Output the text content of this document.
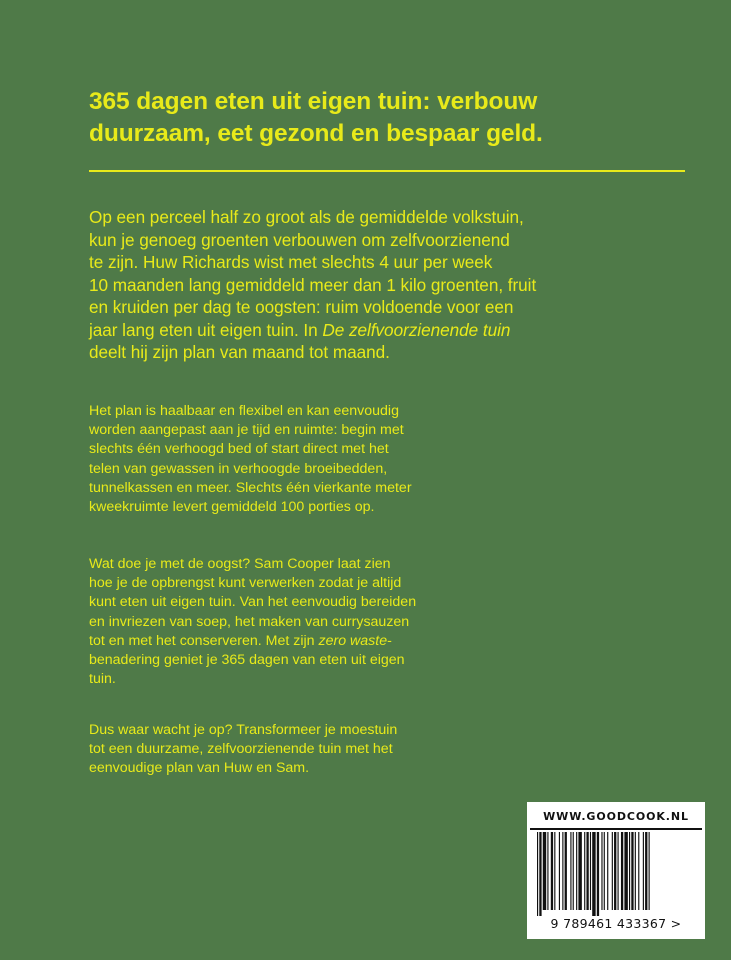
365 dagen eten uit eigen tuin: verbouw
duurzaam, eet gezond en bespaar geld.
Op een perceel half zo groot als de gemiddelde volkstuin,
kun je genoeg groenten verbouwen om zelfvoorzienend
te zijn. Huw Richards wist met slechts 4 uur per week
10 maanden lang gemiddeld meer dan 1 kilo groenten, fruit
en kruiden per dag te oogsten: ruim voldoende voor een
jaar lang eten uit eigen tuin. In De zelfvoorzienende tuin
deelt hij zijn plan van maand tot maand.
Het plan is haalbaar en flexibel en kan eenvoudig
worden aangepast aan je tijd en ruimte: begin met
slechts één verhoogd bed of start direct met het
telen van gewassen in verhoogde broeibedden,
tunnelkassen en meer. Slechts één vierkante meter
kweekruimte levert gemiddeld 100 porties op.
Wat doe je met de oogst? Sam Cooper laat zien
hoe je de opbrengst kunt verwerken zodat je altijd
kunt eten uit eigen tuin. Van het eenvoudig bereiden
en invriezen van soep, het maken van currysauzen
tot en met het conserveren. Met zijn zero waste-
benadering geniet je 365 dagen van eten uit eigen
tuin.
Dus waar wacht je op? Transformeer je moestuin
tot een duurzame, zelfvoorzienende tuin met het
eenvoudige plan van Huw en Sam.
WWW.GOODCOOK.NL
9 789461 433367 >
